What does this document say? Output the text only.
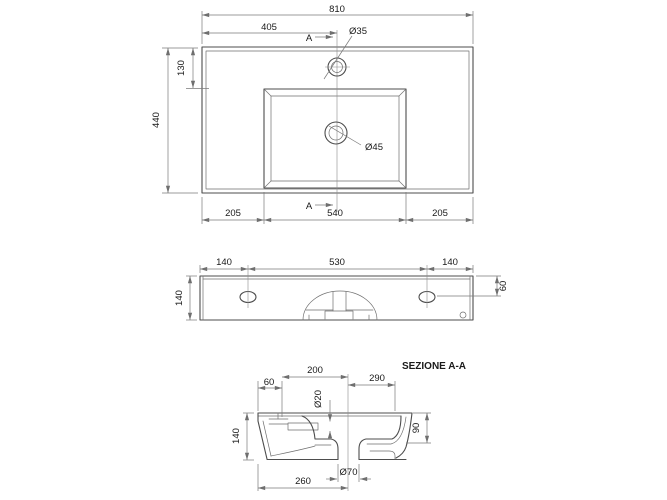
810
405	Ø35
A
130
440
Ø45
A
205	540	205
140	530	140
140
60
SEZIONE A-A
60
200
290
Ø20
90
140
Ø70
260
